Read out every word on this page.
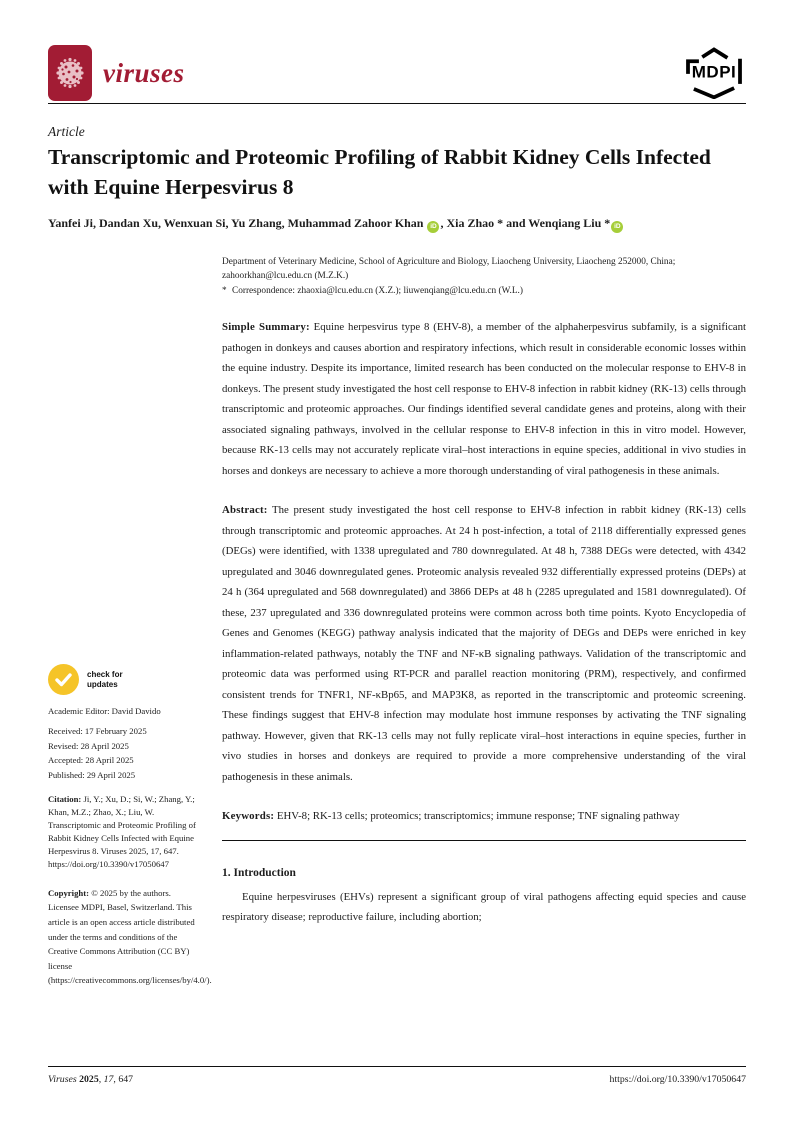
viruses	MDPI
Article
Transcriptomic and Proteomic Profiling of Rabbit Kidney Cells Infected with Equine Herpesvirus 8
Yanfei Ji, Dandan Xu, Wenxuan Si, Yu Zhang, Muhammad Zahoor Khan iD , Xia Zhao * and Wenqiang Liu * iD
Department of Veterinary Medicine, School of Agriculture and Biology, Liaocheng University, Liaocheng 252000, China; zahoorkhan@lcu.edu.cn (M.Z.K.)
* Correspondence: zhaoxia@lcu.edu.cn (X.Z.); liuwenqiang@lcu.edu.cn (W.L.)

Simple Summary: Equine herpesvirus type 8 (EHV-8), a member of the alphaherpesvirus subfamily, is a significant pathogen in donkeys and causes abortion and respiratory infections, which result in considerable economic losses within the equine industry. Despite its importance, limited research has been conducted on the molecular response to EHV-8 in donkeys. The present study investigated the host cell response to EHV-8 infection in rabbit kidney (RK-13) cells through transcriptomic and proteomic approaches. Our findings identified several candidate genes and proteins, along with their associated signaling pathways, involved in the cellular response to EHV-8 infection in this in vitro model. However, because RK-13 cells may not accurately replicate viral–host interactions in equine species, additional in vivo studies in horses and donkeys are necessary to achieve a more thorough understanding of viral pathogenesis in these animals.

Abstract: The present study investigated the host cell response to EHV-8 infection in rabbit kidney (RK-13) cells through transcriptomic and proteomic approaches. At 24 h post-infection, a total of 2118 differentially expressed genes (DEGs) were identified, with 1338 upregulated and 780 downregulated. At 48 h, 7388 DEGs were detected, with 4342 upregulated and 3046 downregulated genes. Proteomic analysis revealed 932 differentially expressed proteins (DEPs) at 24 h (364 upregulated and 568 downregulated) and 3866 DEPs at 48 h (2285 upregulated and 1581 downregulated). Of these, 237 upregulated and 336 downregulated proteins were common across both time points. Kyoto Encyclopedia of Genes and Genomes (KEGG) pathway analysis indicated that the majority of DEGs and DEPs were enriched in key inflammation-related pathways, notably the TNF and NF-κB signaling pathways. Validation of the transcriptomic and proteomic data was performed using RT-PCR and parallel reaction monitoring (PRM), respectively, and confirmed consistent trends for TNFR1, NF-κBp65, and MAP3K8, as reported in the transcriptomic and proteomic screening. These findings suggest that EHV-8 infection may modulate host immune responses by activating the TNF signaling pathway. However, given that RK-13 cells may not fully replicate viral–host interactions in equine species, further in vivo studies in horses and donkeys are required to provide a more comprehensive understanding of the viral pathogenesis in these animals.

Keywords: EHV-8; RK-13 cells; proteomics; transcriptomics; immune response; TNF signaling pathway

1. Introduction

Equine herpesviruses (EHVs) represent a significant group of viral pathogens affecting equid species and cause respiratory disease; reproductive failure, including abortion;

check for
updates
Academic Editor: David Davido
Received: 17 February 2025
Revised: 28 April 2025
Accepted: 28 April 2025
Published: 29 April 2025
Citation: Ji, Y.; Xu, D.; Si, W.; Zhang, Y.; Khan, M.Z.; Zhao, X.; Liu, W. Transcriptomic and Proteomic Profiling of Rabbit Kidney Cells Infected with Equine Herpesvirus 8. Viruses 2025, 17, 647. https://doi.org/10.3390/v17050647
Copyright: © 2025 by the authors. Licensee MDPI, Basel, Switzerland. This article is an open access article distributed under the terms and conditions of the Creative Commons Attribution (CC BY) license (https://creativecommons.org/licenses/by/4.0/).
Viruses 2025, 17, 647	https://doi.org/10.3390/v17050647
